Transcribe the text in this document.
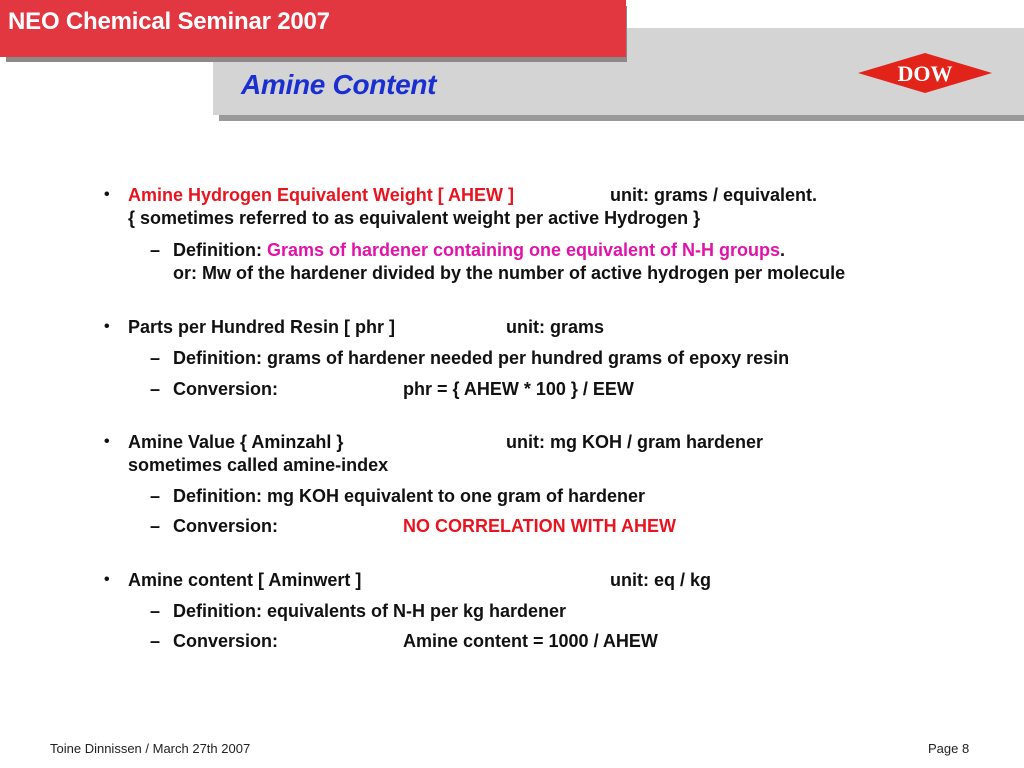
NEO Chemical Seminar 2007
Amine Content	DOW
• Amine Hydrogen Equivalent Weight [ AHEW ]	unit: grams / equivalent.
{ sometimes referred to as equivalent weight per active Hydrogen }
– Definition: Grams of hardener containing one equivalent of N-H groups.
or: Mw of the hardener divided by the number of active hydrogen per molecule
• Parts per Hundred Resin [ phr ]	unit: grams
– Definition: grams of hardener needed per hundred grams of epoxy resin
– Conversion:	phr = { AHEW * 100 } / EEW
• Amine Value { Aminzahl }	unit: mg KOH / gram hardener
sometimes called amine-index
– Definition: mg KOH equivalent to one gram of hardener
– Conversion:	NO CORRELATION WITH AHEW
• Amine content [ Aminwert ]	unit: eq / kg
– Definition: equivalents of N-H per kg hardener
– Conversion:	Amine content = 1000 / AHEW
Toine Dinnissen / March 27th 2007	Page 8
